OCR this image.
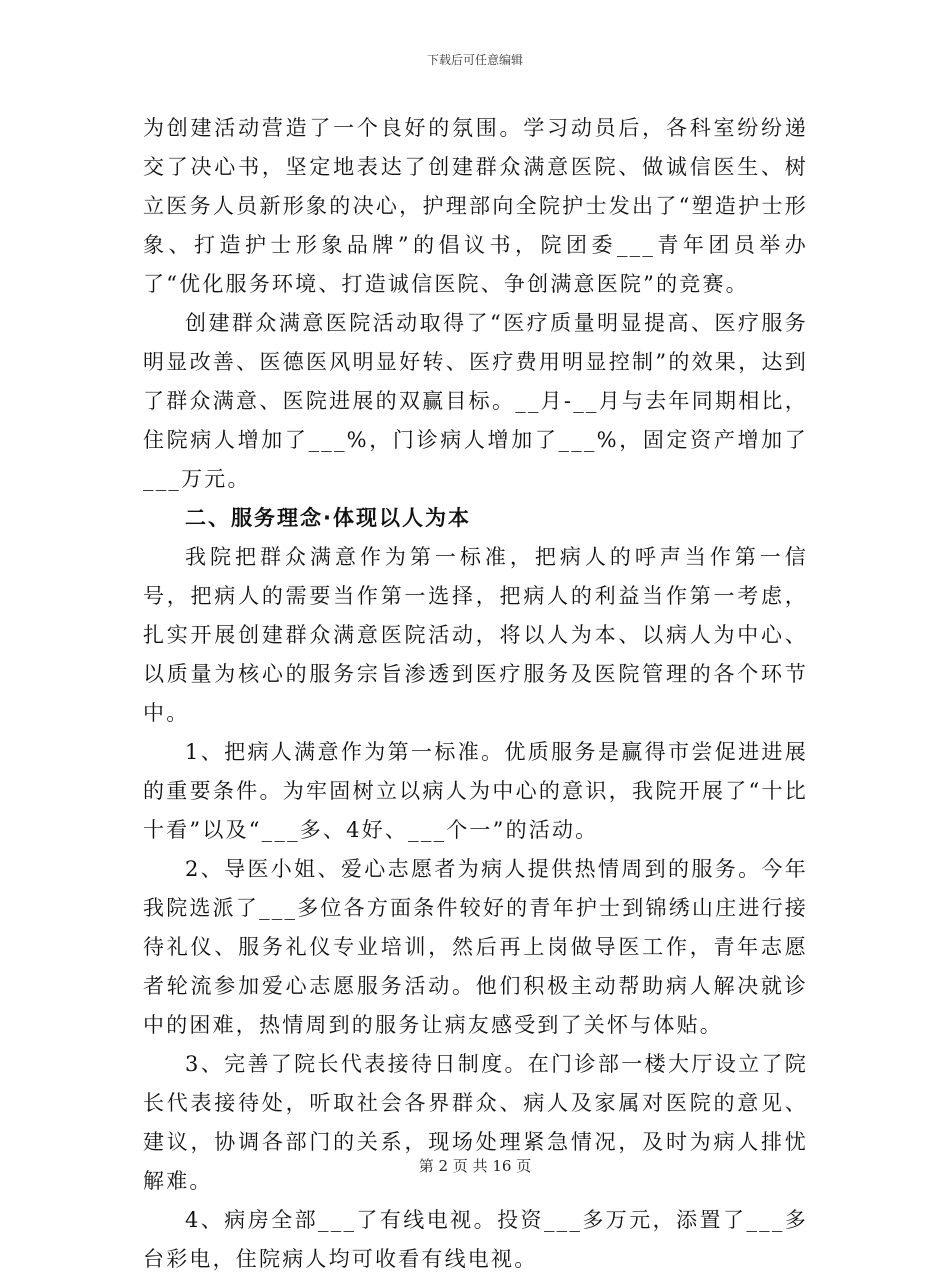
下载后可任意编辑

为创建活动营造了一个良好的氛围。学习动员后，各科室纷纷递交了决心书，坚定地表达了创建群众满意医院、做诚信医生、树立医务人员新形象的决心，护理部向全院护士发出了“塑造护士形象、打造护士形象品牌”的倡议书，院团委___青年团员举办了“优化服务环境、打造诚信医院、争创满意医院”的竞赛。

创建群众满意医院活动取得了“医疗质量明显提高、医疗服务明显改善、医德医风明显好转、医疗费用明显控制”的效果，达到了群众满意、医院进展的双赢目标。__月-__月与去年同期相比，住院病人增加了___%，门诊病人增加了___%，固定资产增加了___万元。

二、服务理念·体现以人为本

我院把群众满意作为第一标准，把病人的呼声当作第一信号，把病人的需要当作第一选择，把病人的利益当作第一考虑，扎实开展创建群众满意医院活动，将以人为本、以病人为中心、以质量为核心的服务宗旨渗透到医疗服务及医院管理的各个环节中。

1、把病人满意作为第一标准。优质服务是赢得市尝促进进展的重要条件。为牢固树立以病人为中心的意识，我院开展了“十比十看”以及“___多、4好、___个一”的活动。

2、导医小姐、爱心志愿者为病人提供热情周到的服务。今年我院选派了___多位各方面条件较好的青年护士到锦绣山庄进行接待礼仪、服务礼仪专业培训，然后再上岗做导医工作，青年志愿者轮流参加爱心志愿服务活动。他们积极主动帮助病人解决就诊中的困难，热情周到的服务让病友感受到了关怀与体贴。

3、完善了院长代表接待日制度。在门诊部一楼大厅设立了院长代表接待处，听取社会各界群众、病人及家属对医院的意见、建议，协调各部门的关系，现场处理紧急情况，及时为病人排忧解难。

4、病房全部___了有线电视。投资___多万元，添置了___多台彩电，住院病人均可收看有线电视。

第 2 页 共 16 页
